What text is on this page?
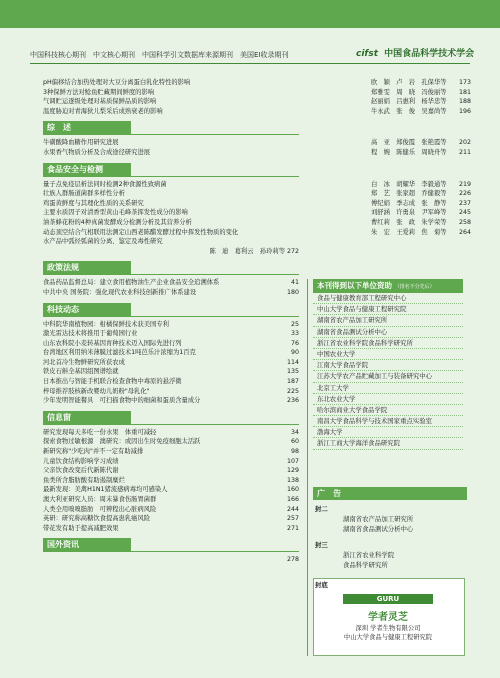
中国科技核心期刊　中文核心期刊　中国科学引文数据库来源期刊　美国EI收录期刊	cifst 中国食品科学技术学会
pH偏移结合加热处理对大豆分离蛋白乳化特性的影响	欧　颖　卢　岩　孔保华等	173
3种保鲜方法对鲶鱼贮藏期间鲜度的影响	郑雅雯　周　晓　冯俊丽等	181
气调贮运逐级处理对基质保鲜品质的影响	赵丽娟　吕惠利　杨华忠等	188
温度胁迫对青海狄儿梨采后成熟衰老的影响	牛永武　张　俊　吴嘉尚等	196
综　述
牛磺酸降血糖作用研究进展	高　亚　郑俊霞　张艳霞等	202
水果香气物质分析及合成途径研究进展	程　婉　陈健乐　周晓舟等	211
食品安全与检测
量子点免疫层析法同时检测2种食源性致病菌	白　冰　胡耀华　李毅通等	219
壮族人群肠道菌群多样性分析	郑　艺　张家超　乔健毅等	226
鸡蛋黄鲜度与其理化性质的关系研究	傅纪娟　季志成　张　静等	237
主要水质因子对清香型黄山毛峰茶挥发性成分的影响	刘舒涵　许勇泉　尹军峰等	245
油茶蜂花粉的4种真菌发酵成分检测分析及其营养分析	曹红莉　张　政　朱学荣等	258
动态顶空结合气相联用法测定山西老陈醋发酵过程中挥发性物质的变化	朱　宏　王爱莉　焦　菊等	264
水产品中弧烃弧菌的分离、鉴定及毒性研究
陈　迪　葛利云　孙玲莉等 272
政策法规
食品药品监督总局：建立食用植物油生产企业食品安全追溯体系	41
中共中央 国务院：强化现代农业科技创新推广体系建设	180
科技动态
中科院华南植物园：柑橘保鲜技术获美国专利	25
激光雷达技术将推用于葡萄园行业	33
山东农科院小麦转基因育种技术迈入国际先进行列	76
台湾地区利用纳米薄膜过滤技术1吨芭乐汁浓缩为1百克	90
河北首冷生物鲜研究所获农成	114
铁皮石斛全基因组图谱绘就	135
日本推出与智能手机联合检查食物中毒原的悬浮微	187
梓母推荐肢核新改婴幼儿奶粉"母乳化"	225
少年发明智能餐具　可扫描食物中的细菌和蛋质含量成分	236
信息窗
研究发现每天多吃一份水果　体重可减轻	34
探索食物过敏根源　澳研究：或因出生时免疫细胞太活跃	60
新研究称"少吃肉"并不一定有助减排	98
儿童饮食结构影响学习成绩	107
父亲饮食改变后代新陈代谢	129
鱼类所含脂肪酸有助遏制糜烂	138
最新发现：美禽H1N1猪流感病毒均可感染人	160
澳大利亚研究人员：周末暴食伤肠胃菌群	166
人类全用嗅嗅脂肪　可辨程出心脏病风险	244
英研：研究称高糖饮食提高患乳癌风险	257
带花发有助于提高减肥效果	271
国外资讯
278
本刊得到以下单位资助 （排名不分先后）
食品与健康教育部工程研究中心
中山大学食品与健康工程研究院
湖南省农产品加工研究所
湖南省食品测试分析中心
浙江省农业科学院食品科学研究所
中国农业大学
江南大学食品学院
江苏大学农产品贮藏加工与装备研究中心
北京工大学
东北农业大学
哈尔滨商业大学食品学院
南昌大学食品科学与技术国家重点实验室
渤海大学
浙江工商大学海洋食品研究院
广　告
封二
湖南省农产品加工研究所
湖南省食品测试分析中心
封三
浙江省农业科学院
食品科学研究所
封底
GURU
学者灵芝
深圳 学者生物有限公司
中山大学食品与健康工程研究院
